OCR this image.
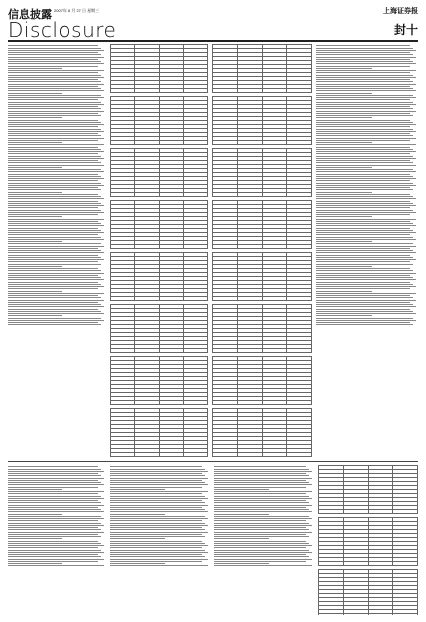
信息披露 2007年 6 月 27 日 星期三
Disclosure
上海证券报
封十
